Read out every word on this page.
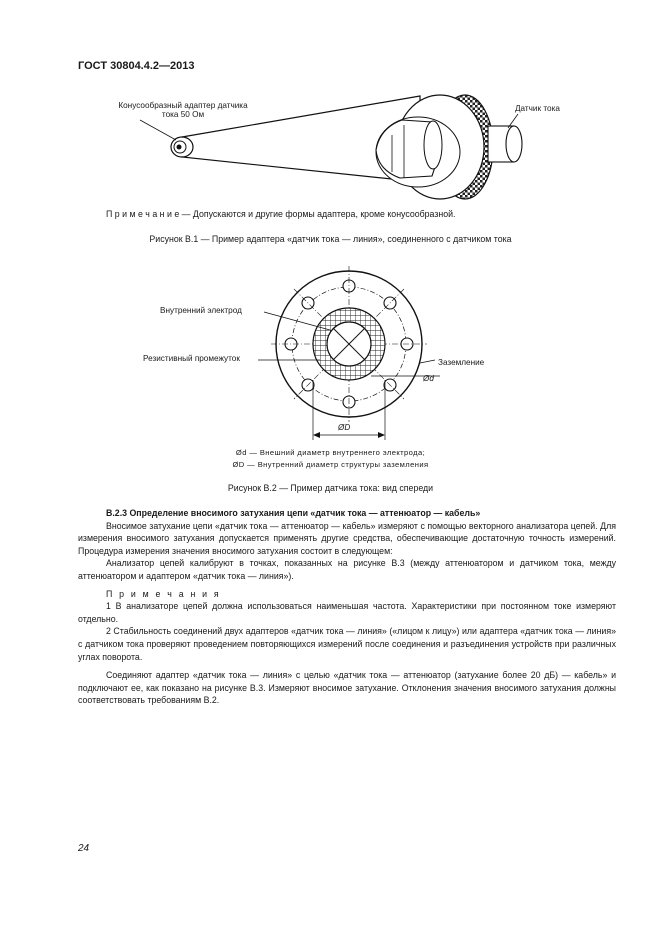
ГОСТ 30804.4.2—2013
Конусообразный адаптер датчика тока 50 Ом
Датчик тока
П р и м е ч а н и е — Допускаются и другие формы адаптера, кроме конусообразной.
Рисунок B.1 — Пример адаптера «датчик тока — линия», соединенного с датчиком тока
Внутренний электрод
Резистивный промежуток	Заземление
Ød
ØD
Ød — Внешний диаметр внутреннего электрода;
ØD — Внутренний диаметр структуры заземления
Рисунок B.2 — Пример датчика тока: вид спереди

B.2.3 Определение вносимого затухания цепи «датчик тока — аттенюатор — кабель»

Вносимое затухание цепи «датчик тока — аттенюатор — кабель» измеряют с помощью векторного анализатора цепей. Для измерения вносимого затухания допускается применять другие средства, обеспечивающие достаточную точность измерений. Процедура измерения значения вносимого затухания состоит в следующем:

Анализатор цепей калибруют в точках, показанных на рисунке B.3 (между аттенюатором и датчиком тока, между аттенюатором и адаптером «датчик тока — линия»).

П р и м е ч а н и я

1 В анализаторе цепей должна использоваться наименьшая частота. Характеристики при постоянном токе измеряют отдельно.

2 Стабильность соединений двух адаптеров «датчик тока — линия» («лицом к лицу») или адаптера «датчик тока — линия» с датчиком тока проверяют проведением повторяющихся измерений после соединения и разъединения устройств при различных углах поворота.

Соединяют адаптер «датчик тока — линия» с целью «датчик тока — аттенюатор (затухание более 20 дБ) — кабель» и подключают ее, как показано на рисунке B.3. Измеряют вносимое затухание. Отклонения значения вносимого затухания должны соответствовать требованиям B.2.

24
